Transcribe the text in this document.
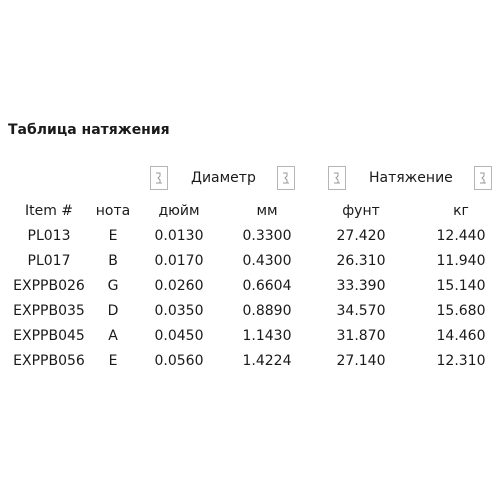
Таблица натяжения
Диаметр	Натяжение
Item #	нота	дюйм	мм	фунт	кг
PL013	E	0.0130	0.3300	27.420	12.440
PL017	B	0.0170	0.4300	26.310	11.940
EXPPB026	G	0.0260	0.6604	33.390	15.140
EXPPB035	D	0.0350	0.8890	34.570	15.680
EXPPB045	A	0.0450	1.1430	31.870	14.460
EXPPB056	E	0.0560	1.4224	27.140	12.310
